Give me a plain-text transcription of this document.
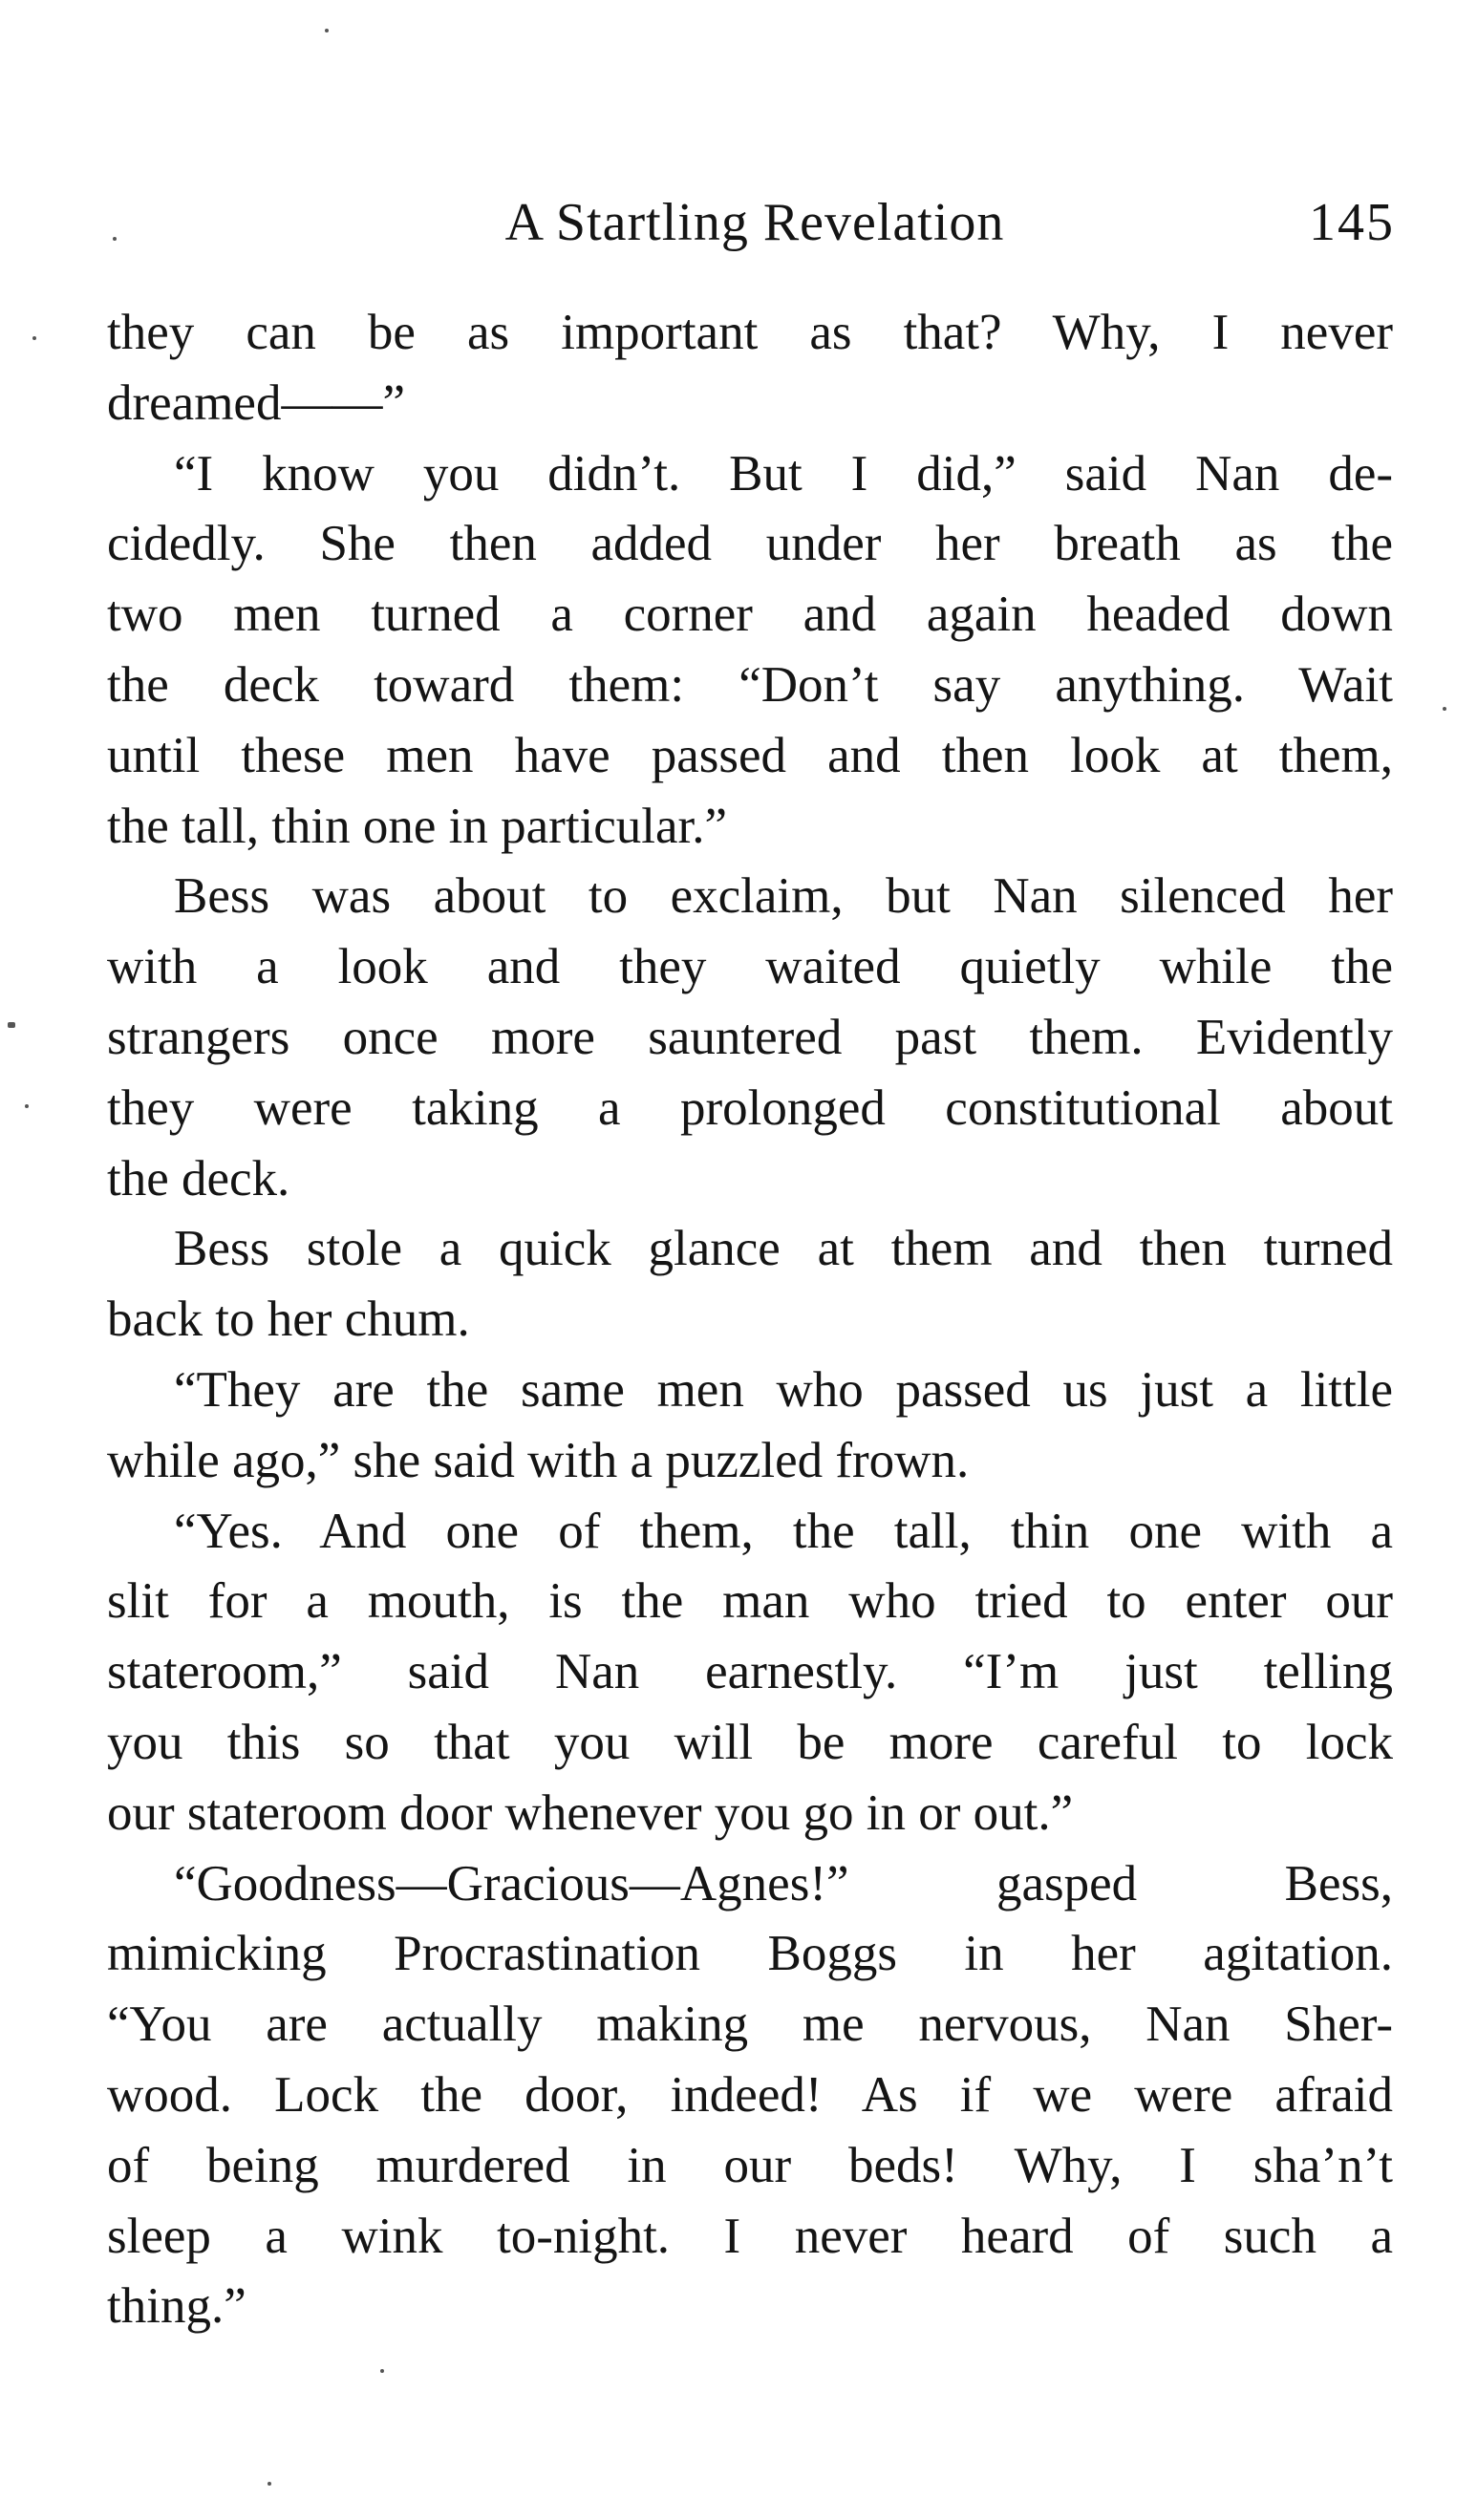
A Startling Revelation	145

they can be as important as that? Why, I never
dreamed——”

“I know you didn’t. But I did,” said Nan de-
cidedly. She then added under her breath as the
two men turned a corner and again headed down
the deck toward them: “Don’t say anything. Wait
until these men have passed and then look at them,
the tall, thin one in particular.”

Bess was about to exclaim, but Nan silenced her
with a look and they waited quietly while the
strangers once more sauntered past them. Evidently
they were taking a prolonged constitutional about
the deck.

Bess stole a quick glance at them and then turned
back to her chum.

“They are the same men who passed us just a little
while ago,” she said with a puzzled frown.

“Yes. And one of them, the tall, thin one with a
slit for a mouth, is the man who tried to enter our
stateroom,” said Nan earnestly. “I’m just telling
you this so that you will be more careful to lock
our stateroom door whenever you go in or out.”

“Goodness—Gracious—Agnes!” gasped Bess,
mimicking Procrastination Boggs in her agitation.
“You are actually making me nervous, Nan Sher-
wood. Lock the door, indeed! As if we were afraid
of being murdered in our beds! Why, I sha’n’t
sleep a wink to-night. I never heard of such a
thing.”
